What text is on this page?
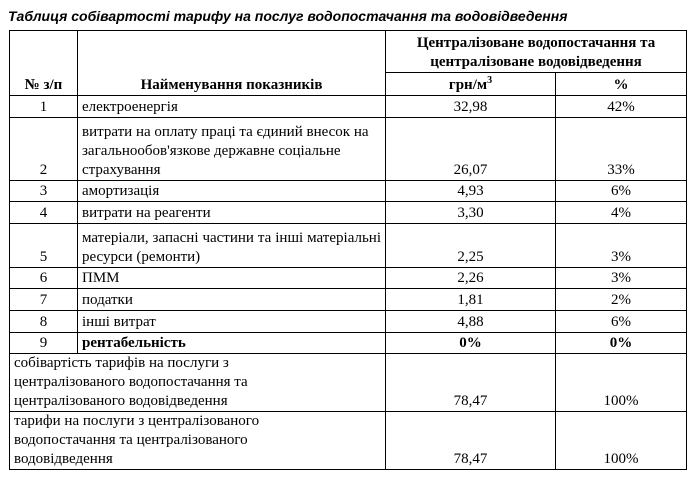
Таблиця собівартості тарифу на послуг водопостачання та водовідведення
№ з/п	Найменування показників	Централізоване водопостачання та централізоване водовідведення	
		грн/$м^3$	%
1	електроенергія	32,98	42%
2	витрати на оплату праці та єдиний внесок на загальнообов'язкове державне соціальне страхування	26,07	33%
3	амортизація	4,93	6%
4	витрати на реагенти	3,30	4%
5	матеріали, запасні частини та інші матеріальні ресурси (ремонти)	2,25	3%
6	ПММ	2,26	3%
7	податки	1,81	2%
8	інші витрат	4,88	6%
9	рентабельність	0%	0%
собівартість тарифів на послуги з централізованого водопостачання та централізованого водовідведення		78,47	100%
тарифи на послуги з централізованого водопостачання та централізованого водовідведення		78,47	100%
